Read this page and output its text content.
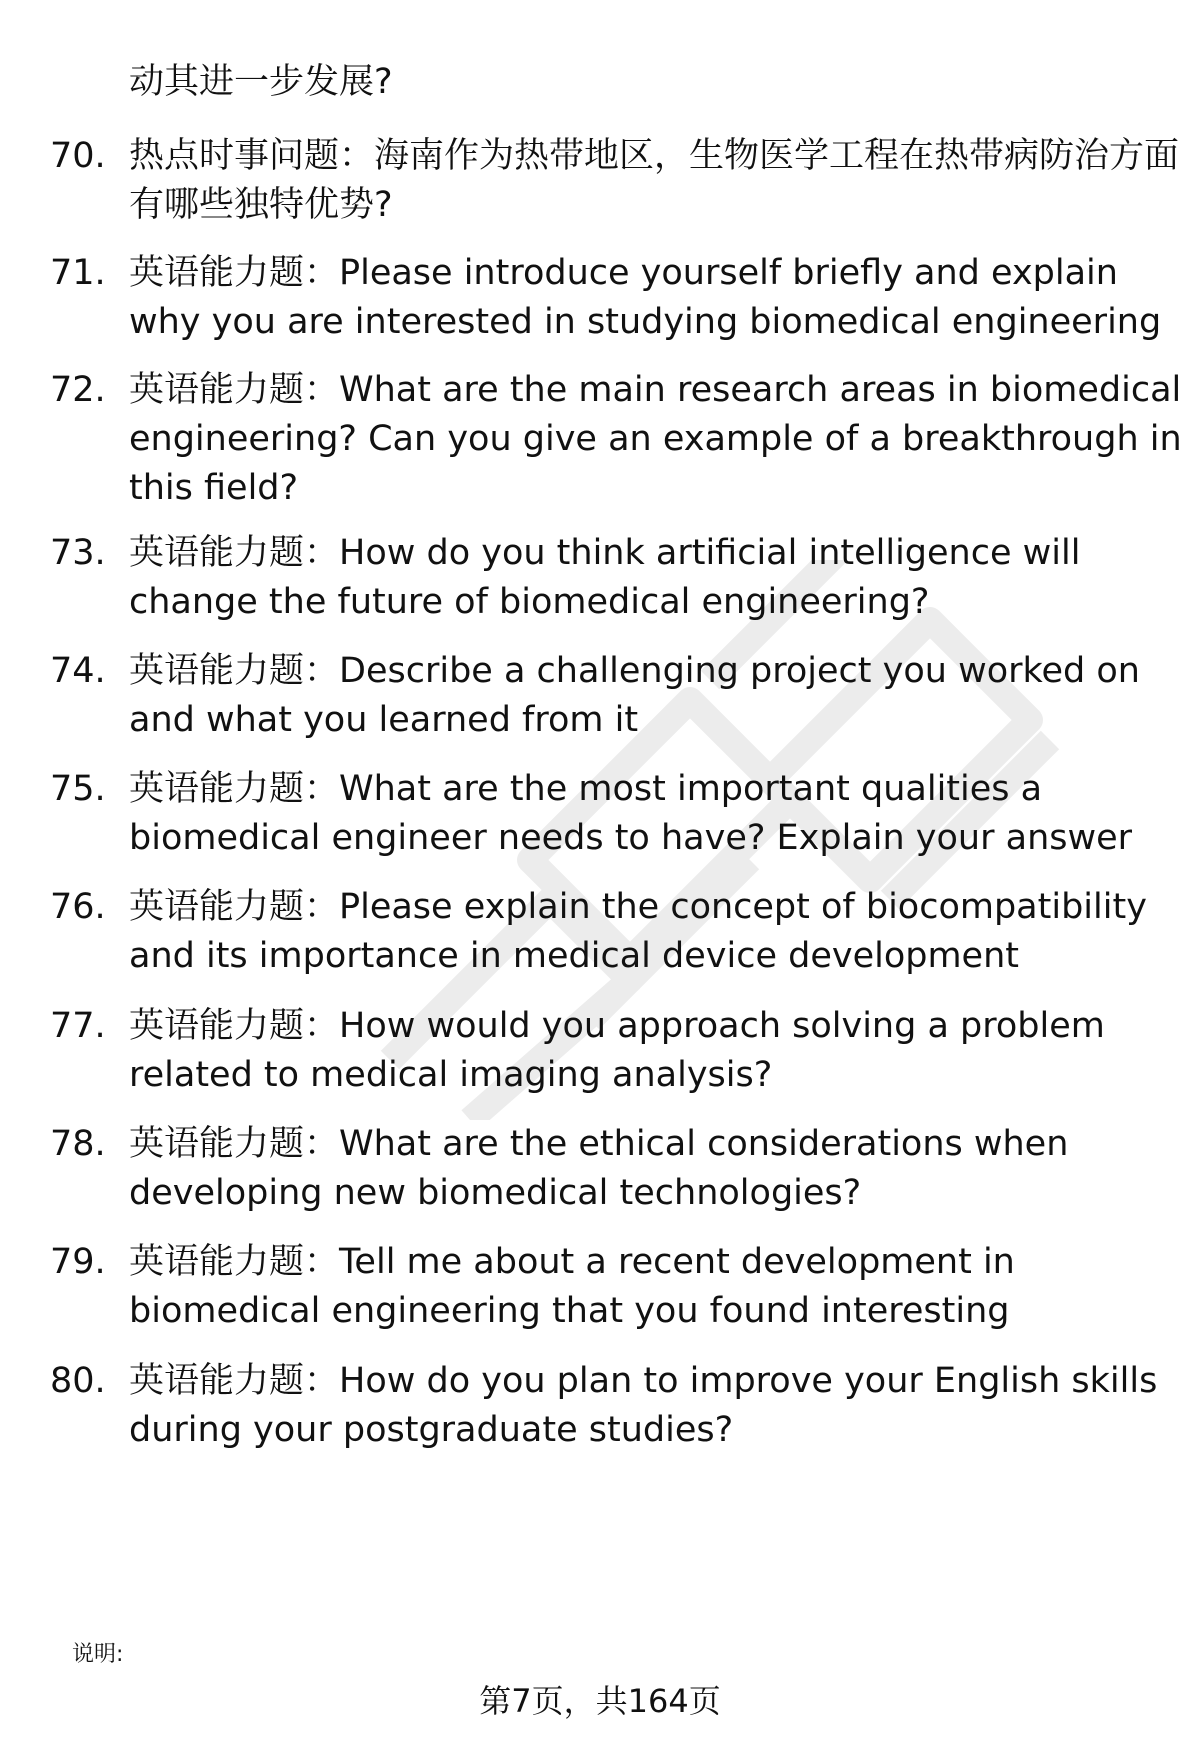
动其进一步发展?
70. 热点时事问题：海南作为热带地区，生物医学工程在热带病防治方面有哪些独特优势?

71. 英语能力题：Please introduce yourself briefly and explain why you are interested in studying biomedical engineering

72. 英语能力题：What are the main research areas in biomedical engineering? Can you give an example of a breakthrough in this field?

73. 英语能力题：How do you think artificial intelligence will change the future of biomedical engineering?

74. 英语能力题：Describe a challenging project you worked on and what you learned from it

75. 英语能力题：What are the most important qualities a biomedical engineer needs to have? Explain your answer

76. 英语能力题：Please explain the concept of biocompatibility and its importance in medical device development

77. 英语能力题：How would you approach solving a problem related to medical imaging analysis?

78. 英语能力题：What are the ethical considerations when developing new biomedical technologies?

79. 英语能力题：Tell me about a recent development in biomedical engineering that you found interesting

80. 英语能力题：How do you plan to improve your English skills during your postgraduate studies?

说明:
第7页，共164页
